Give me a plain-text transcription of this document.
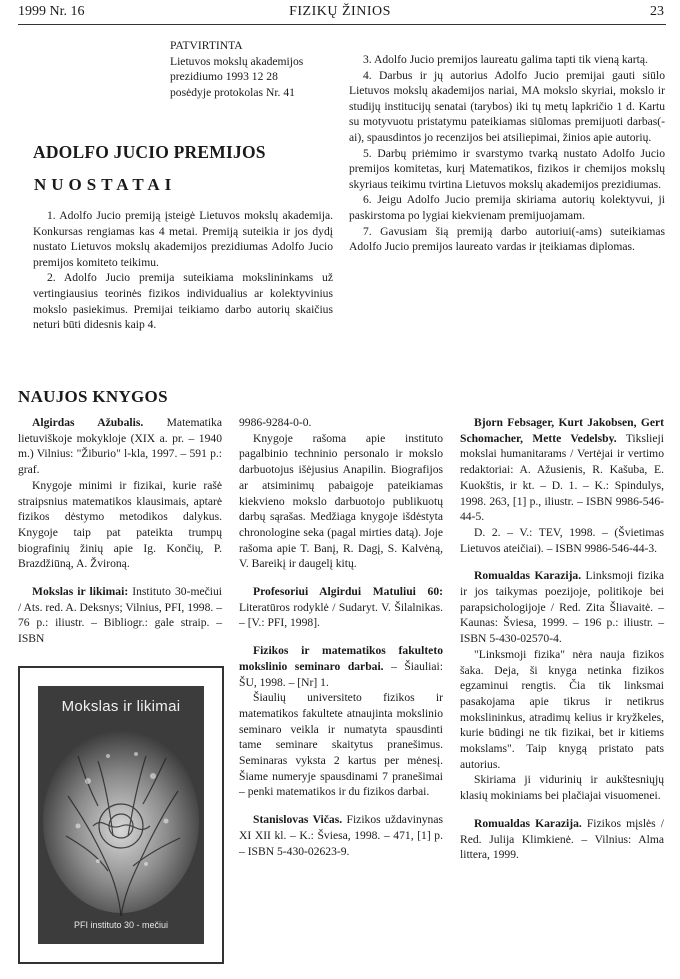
1999 Nr. 16	FIZIKŲ ŽINIOS	23
PATVIRTINTA
Lietuvos mokslų akademijos
prezidiumo 1993 12 28
posėdyje protokolas Nr. 41
ADOLFO JUCIO PREMIJOS
NUOSTATAI

1. Adolfo Jucio premiją įsteigė Lietuvos mokslų akademija. Konkursas rengiamas kas 4 metai. Premiją suteikia ir jos dydį nustato Lietuvos mokslų akademijos prezidiumas Adolfo Jucio premijos komiteto teikimu.

2. Adolfo Jucio premija suteikiama mokslininkams už vertingiausius teorinės fizikos individualius ar kolektyvinius mokslo pasiekimus. Premijai teikiamo darbo autorių skaičius neturi būti didesnis kaip 4.

3. Adolfo Jucio premijos laureatu galima tapti tik vieną kartą.

4. Darbus ir jų autorius Adolfo Jucio premijai gauti siūlo Lietuvos mokslų akademijos nariai, MA mokslo skyriai, mokslo ir studijų institucijų senatai (tarybos) iki tų metų lapkričio 1 d. Kartu su motyvuotu pristatymu pateikiamas siūlomas premijuoti darbas(-ai), spausdintos jo recenzijos bei atsiliepimai, žinios apie autorių.

5. Darbų priėmimo ir svarstymo tvarką nustato Adolfo Jucio premijos komitetas, kurį Matematikos, fizikos ir chemijos mokslų skyriaus teikimu tvirtina Lietuvos mokslų akademijos prezidiumas.

6. Jeigu Adolfo Jucio premija skiriama autorių kolektyvui, ji paskirstoma po lygiai kiekvienam premijuojamam.

7. Gavusiam šią premiją darbo autoriui(-ams) suteikiamas Adolfo Jucio premijos laureato vardas ir įteikiamas diplomas.

NAUJOS KNYGOS

Algirdas Ažubalis. Matematika lietuviškoje mokykloje (XIX a. pr. – 1940 m.) Vilnius: "Žiburio" l-kla, 1997. – 591 p.: graf.

Knygoje minimi ir fizikai, kurie rašė straipsnius matematikos klausimais, aptarė fizikos dėstymo metodikos dalykus. Knygoje taip pat pateikta trumpų biografinių žinių apie Ig. Končių, P. Brazdžiūną, A. Žvironą.

Mokslas ir likimai: Instituto 30-mečiui / Ats. red. A. Deksnys; Vilnius, PFI, 1998. – 76 p.: iliustr. – Bibliogr.: gale straip. – ISBN

Mokslas ir likimai
PFI instituto 30 - mečiui

9986-9284-0-0.

Knygoje rašoma apie instituto pagalbinio techninio personalo ir mokslo darbuotojus išėjusius Anapilin. Biografijos ar atsiminimų pabaigoje pateikiamas kiekvieno mokslo darbuotojo publikuotų darbų sąrašas. Medžiaga knygoje išdėstyta chronologine seka (pagal mirties datą). Joje rašoma apie T. Banį, R. Dagį, S. Kalvėną, V. Bareikį ir daugelį kitų.

Profesoriui Algirdui Matuliui 60: Literatūros rodyklė / Sudaryt. V. Šilalnikas. – [V.: PFI, 1998].

Fizikos ir matematikos fakulteto mokslinio seminaro darbai. – Šiauliai: ŠU, 1998. – [Nr] 1.

Šiaulių universiteto fizikos ir matematikos fakultete atnaujinta mokslinio seminaro veikla ir numatyta spausdinti tame seminare skaitytus pranešimus. Seminaras vyksta 2 kartus per mėnesį. Šiame numeryje spausdinami 7 pranešimai – penki matematikos ir du fizikos darbai.

Stanislovas Vičas. Fizikos uždavinynas XI XII kl. – K.: Šviesa, 1998. – 471, [1] p. – ISBN 5-430-02623-9.

Bjorn Febsager, Kurt Jakobsen, Gert Schomacher, Mette Vedelsby. Tikslieji mokslai humanitarams / Vertėjai ir vertimo redaktoriai: A. Ažusienis, R. Kašuba, E. Kuokštis, ir kt. – D. 1. – K.: Spindulys, 1998. 263, [1] p., iliustr. – ISBN 9986-546-44-5.

D. 2. – V.: TEV, 1998. – (Švietimas Lietuvos ateičiai). – ISBN 9986-546-44-3.

Romualdas Karazija. Linksmoji fizika ir jos taikymas poezijoje, politikoje bei parapsichologijoje / Red. Zita Šliavaitė. – Kaunas: Šviesa, 1999. – 196 p.: iliustr. – ISBN 5-430-02570-4.

"Linksmoji fizika" nėra nauja fizikos šaka. Deja, ši knyga netinka fizikos egzaminui rengtis. Čia tik linksmai pasakojama apie tikrus ir netikrus mokslininkus, atradimų kelius ir kryžkeles, kurie būdingi ne tik fizikai, bet ir kitiems mokslams". Taip knygą pristato pats autorius.

Skiriama ji vidurinių ir aukštesniųjų klasių mokiniams bei plačiajai visuomenei.

Romualdas Karazija. Fizikos mįslės / Red. Julija Klimkienė. – Vilnius: Alma littera, 1999.
